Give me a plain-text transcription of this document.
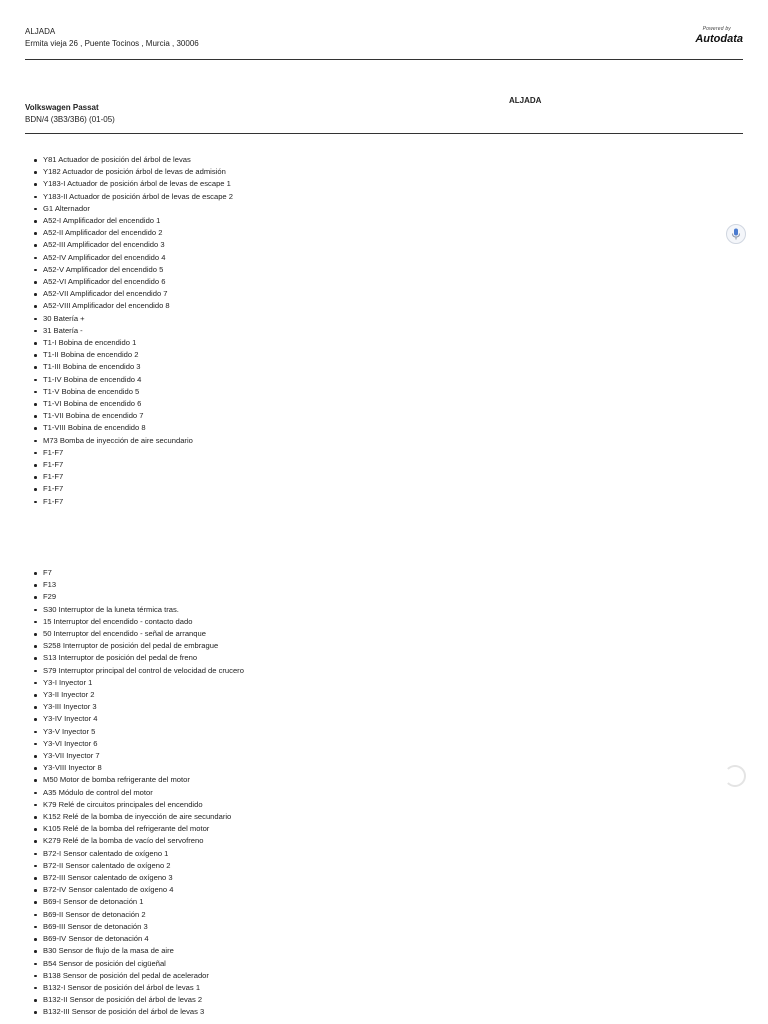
ALJADA
Ermita vieja 26 , Puente Tocinos , Murcia , 30006
Powered by
Autodata
Volkswagen Passat
BDN/4 (3B3/3B6) (01-05)
ALJADA
Y81 Actuador de posición del árbol de levas
Y182 Actuador de posición árbol de levas de admisión
Y183-I Actuador de posición árbol de levas de escape 1
Y183-II Actuador de posición árbol de levas de escape 2
G1 Alternador
A52-I Amplificador del encendido 1
A52-II Amplificador del encendido 2
A52-III Amplificador del encendido 3
A52-IV Amplificador del encendido 4
A52-V Amplificador del encendido 5
A52-VI Amplificador del encendido 6
A52-VII Amplificador del encendido 7
A52-VIII Amplificador del encendido 8
30 Batería +
31 Batería -
T1-I Bobina de encendido 1
T1-II Bobina de encendido 2
T1-III Bobina de encendido 3
T1-IV Bobina de encendido 4
T1-V Bobina de encendido 5
T1-VI Bobina de encendido 6
T1-VII Bobina de encendido 7
T1-VIII Bobina de encendido 8
M73 Bomba de inyección de aire secundario
F1-F7
F1-F7
F1-F7
F1-F7
F1-F7
F7
F13
F29
S30 Interruptor de la luneta térmica tras.
15 Interruptor del encendido - contacto dado
50 Interruptor del encendido - señal de arranque
S258 Interruptor de posición del pedal de embrague
S13 Interruptor de posición del pedal de freno
S79 Interruptor principal del control de velocidad de crucero
Y3-I Inyector 1
Y3-II Inyector 2
Y3-III Inyector 3
Y3-IV Inyector 4
Y3-V Inyector 5
Y3-VI Inyector 6
Y3-VII Inyector 7
Y3-VIII Inyector 8
M50 Motor de bomba refrigerante del motor
A35 Módulo de control del motor
K79 Relé de circuitos principales del encendido
K152 Relé de la bomba de inyección de aire secundario
K105 Relé de la bomba del refrigerante del motor
K279 Relé de la bomba de vacío del servofreno
B72-I Sensor calentado de oxígeno 1
B72-II Sensor calentado de oxígeno 2
B72-III Sensor calentado de oxígeno 3
B72-IV Sensor calentado de oxígeno 4
B69-I Sensor de detonación 1
B69-II Sensor de detonación 2
B69-III Sensor de detonación 3
B69-IV Sensor de detonación 4
B30 Sensor de flujo de la masa de aire
B54 Sensor de posición del cigüeñal
B138 Sensor de posición del pedal de acelerador
B132-I Sensor de posición del árbol de levas 1
B132-II Sensor de posición del árbol de levas 2
B132-III Sensor de posición del árbol de levas 3
